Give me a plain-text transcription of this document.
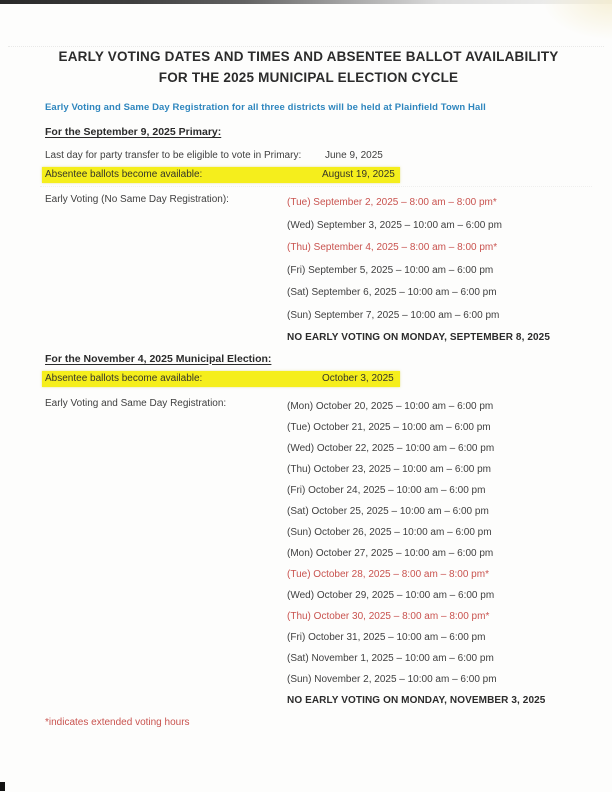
EARLY VOTING DATES AND TIMES AND ABSENTEE BALLOT AVAILABILITY
FOR THE 2025 MUNICIPAL ELECTION CYCLE
Early Voting and Same Day Registration for all three districts will be held at Plainfield Town Hall
For the September 9, 2025 Primary:
Last day for party transfer to be eligible to vote in Primary: June 9, 2025
Absentee ballots become available:	August 19, 2025
Early Voting (No Same Day Registration):	(Tue) September 2, 2025 – 8:00 am – 8:00 pm*
(Wed) September 3, 2025 – 10:00 am – 6:00 pm
(Thu) September 4, 2025 – 8:00 am – 8:00 pm*
(Fri) September 5, 2025 – 10:00 am – 6:00 pm
(Sat) September 6, 2025 – 10:00 am – 6:00 pm
(Sun) September 7, 2025 – 10:00 am – 6:00 pm
NO EARLY VOTING ON MONDAY, SEPTEMBER 8, 2025
For the November 4, 2025 Municipal Election:
Absentee ballots become available:	October 3, 2025
Early Voting and Same Day Registration:	(Mon) October 20, 2025 – 10:00 am – 6:00 pm
(Tue) October 21, 2025 – 10:00 am – 6:00 pm
(Wed) October 22, 2025 – 10:00 am – 6:00 pm
(Thu) October 23, 2025 – 10:00 am – 6:00 pm
(Fri) October 24, 2025 – 10:00 am – 6:00 pm
(Sat) October 25, 2025 – 10:00 am – 6:00 pm
(Sun) October 26, 2025 – 10:00 am – 6:00 pm
(Mon) October 27, 2025 – 10:00 am – 6:00 pm
(Tue) October 28, 2025 – 8:00 am – 8:00 pm*
(Wed) October 29, 2025 – 10:00 am – 6:00 pm
(Thu) October 30, 2025 – 8:00 am – 8:00 pm*
(Fri) October 31, 2025 – 10:00 am – 6:00 pm
(Sat) November 1, 2025 – 10:00 am – 6:00 pm
(Sun) November 2, 2025 – 10:00 am – 6:00 pm
NO EARLY VOTING ON MONDAY, NOVEMBER 3, 2025
*indicates extended voting hours
